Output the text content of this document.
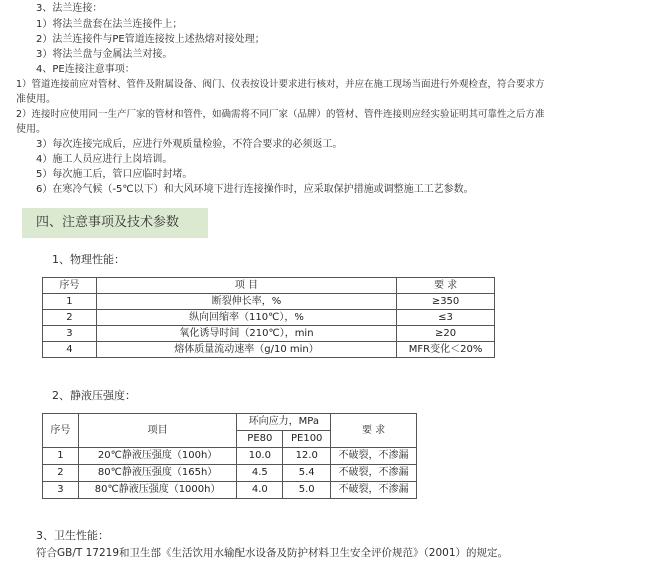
3、法兰连接：
1）将法兰盘套在法兰连接件上；
2）法兰连接件与PE管道连接按上述热熔对接处理；
3）将法兰盘与金属法兰对接。
4、PE连接注意事项：
1）管道连接前应对管材、管件及附属设备、阀门、仪表按设计要求进行核对，并应在施工现场当面进行外观检查，符合要求方
准使用。
2）连接时应使用同一生产厂家的管材和管件，如确需将不同厂家（品牌）的管材、管件连接则应经实验证明其可靠性之后方准
使用。
3）每次连接完成后，应进行外观质量检验，不符合要求的必须返工。
4）施工人员应进行上岗培训。
5）每次施工后，管口应临时封堵。
6）在寒冷气候（-5℃以下）和大风环境下进行连接操作时，应采取保护措施或调整施工工艺参数。
四、注意事项及技术参数
1、物理性能：
序号	项 目	要 求
1	断裂伸长率，%	≥350
2	纵向回缩率（110℃），%	≤3
3	氧化诱导时间（210℃），min	≥20
4	熔体质量流动速率（g/10 min）	MFR变化＜20%
2、静液压强度：
序号	项目	环向应力，MPa		要 求
		PE80	PE100	
1	20℃静液压强度（100h）	10.0	12.0	不破裂，不渗漏
2	80℃静液压强度（165h）	4.5	5.4	不破裂，不渗漏
3	80℃静液压强度（1000h）	4.0	5.0	不破裂，不渗漏
3、卫生性能：
符合GB/T 17219和卫生部《生活饮用水输配水设备及防护材料卫生安全评价规范》（2001）的规定。
